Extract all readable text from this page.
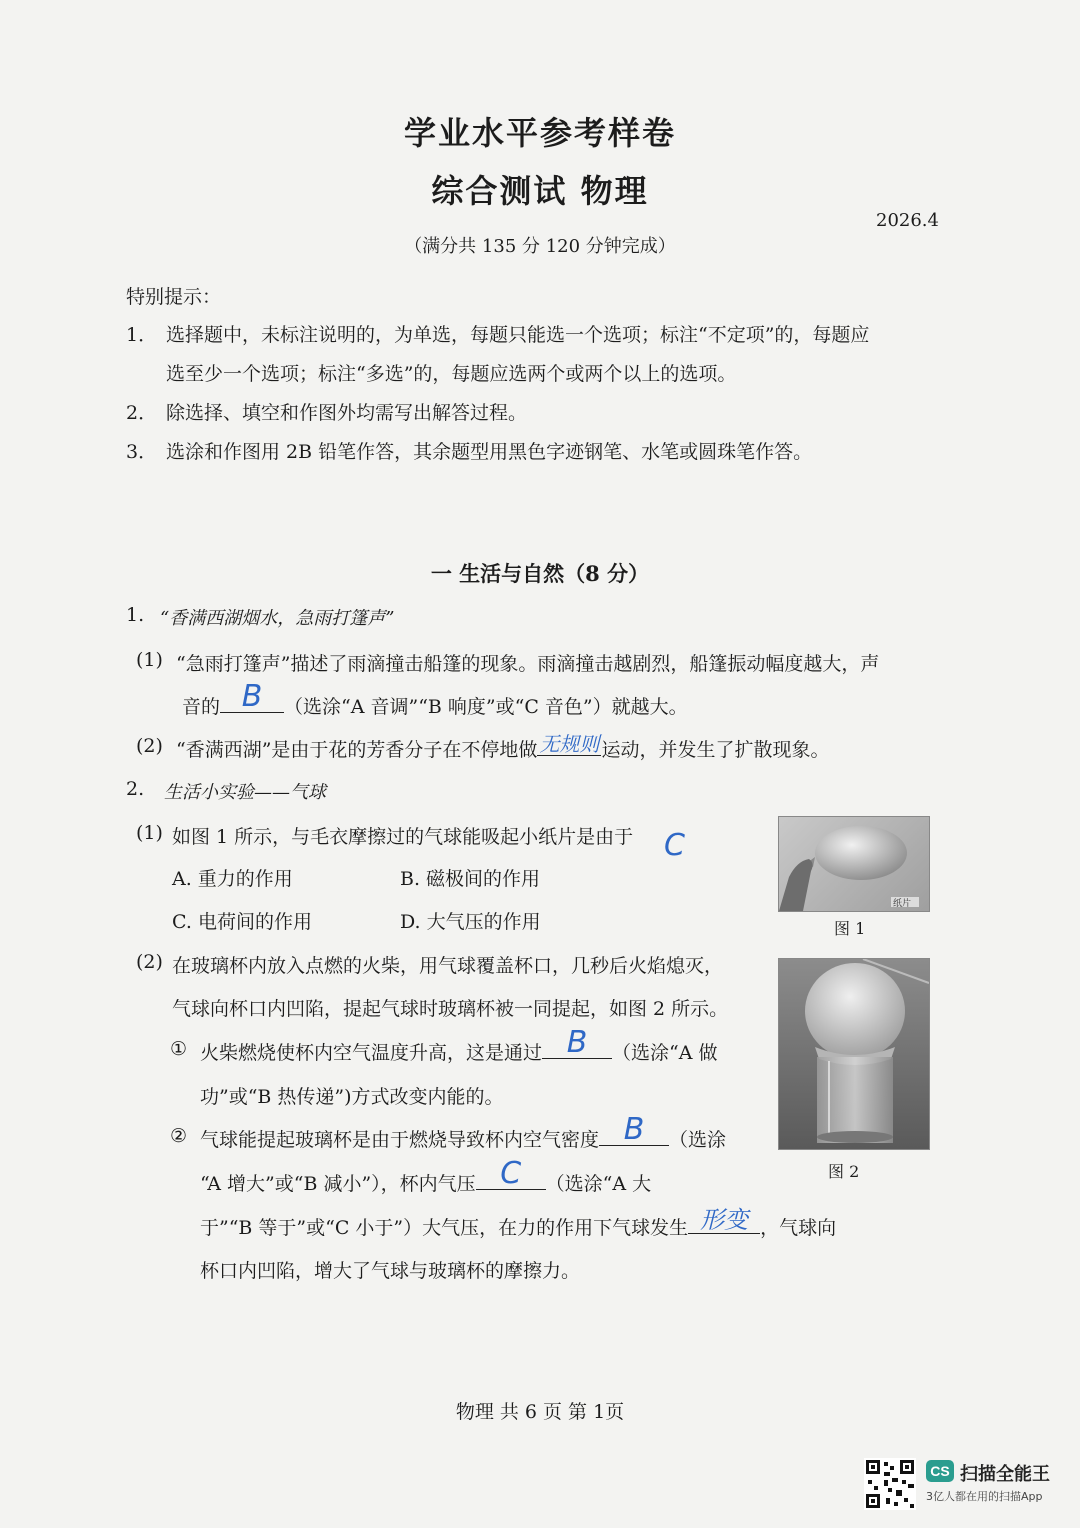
学业水平参考样卷
综合测试 物理
2026.4
（满分共 135 分 120 分钟完成）
特别提示：
1． 选择题中，未标注说明的，为单选，每题只能选一个选项；标注“不定项”的，每题应
选至少一个选项；标注“多选”的，每题应选两个或两个以上的选项。
2． 除选择、填空和作图外均需写出解答过程。
3． 选涂和作图用 2B 铅笔作答，其余题型用黑色字迹钢笔、水笔或圆珠笔作答。
一 生活与自然（8 分）
1. “香满西湖烟水，急雨打篷声”
(1) “急雨打篷声”描述了雨滴撞击船篷的现象。雨滴撞击越剧烈，船篷振动幅度越大，声
音的 B （选涂“A 音调”“B 响度”或“C 音色”）就越大。
(2) “香满西湖”是由于花的芳香分子在不停地做 无规则 运动，并发生了扩散现象。
2. 生活小实验——气球
(1) 如图 1 所示，与毛衣摩擦过的气球能吸起小纸片是由于 C
A. 重力的作用	B. 磁极间的作用
C. 电荷间的作用	D. 大气压的作用
纸片
图 1
(2) 在玻璃杯内放入点燃的火柴，用气球覆盖杯口，几秒后火焰熄灭，
气球向杯口内凹陷，提起气球时玻璃杯被一同提起，如图 2 所示。
① 火柴燃烧使杯内空气温度升高，这是通过 B （选涂“A 做
功”或“B 热传递”)方式改变内能的。
② 气球能提起玻璃杯是由于燃烧导致杯内空气密度 B （选涂
“A 增大”或“B 减小”），杯内气压 C （选涂“A 大
于”“B 等于”或“C 小于”）大气压，在力的作用下气球发生 形变 ，气球向
杯口内凹陷，增大了气球与玻璃杯的摩擦力。
图 2
物理 共 6 页 第 1页
CS 扫描全能王
3亿人都在用的扫描App
